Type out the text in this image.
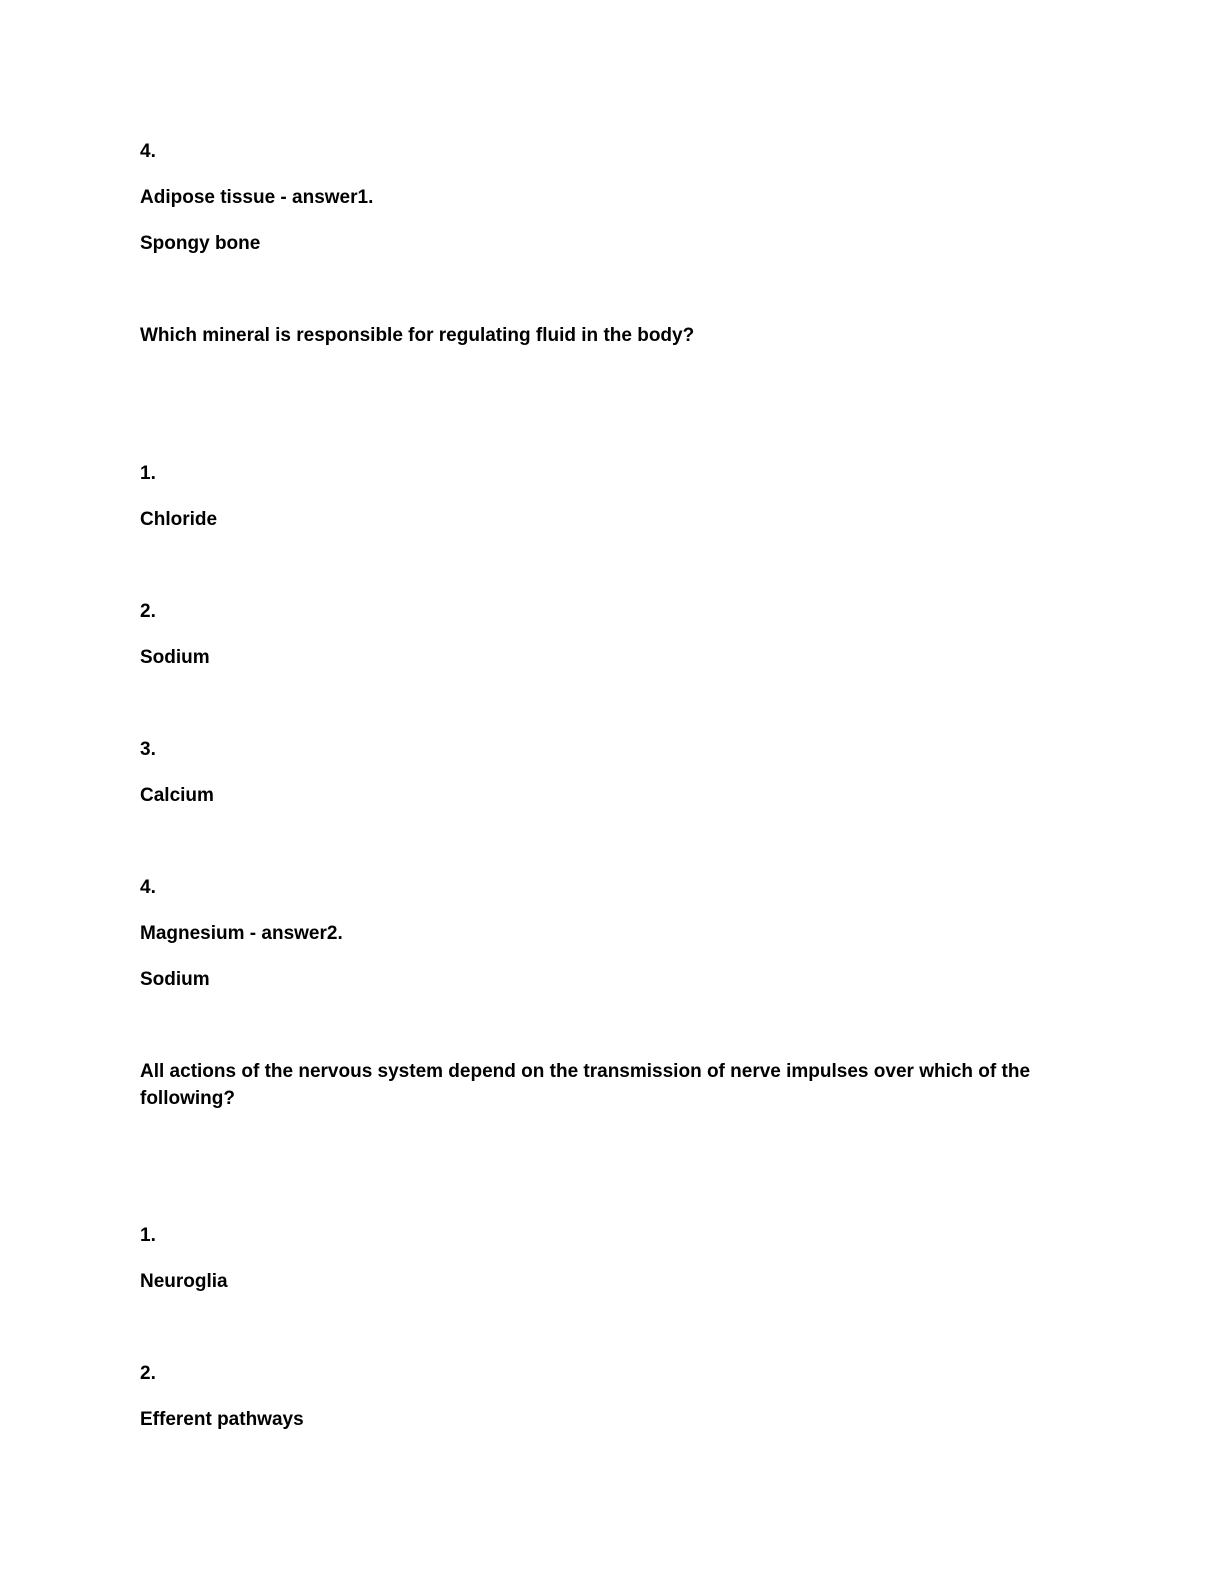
4.
Adipose tissue - answer1.
Spongy bone
Which mineral is responsible for regulating fluid in the body?
1.
Chloride
2.
Sodium
3.
Calcium
4.
Magnesium - answer2.
Sodium
All actions of the nervous system depend on the transmission of nerve impulses over which of the following?
1.
Neuroglia
2.
Efferent pathways
